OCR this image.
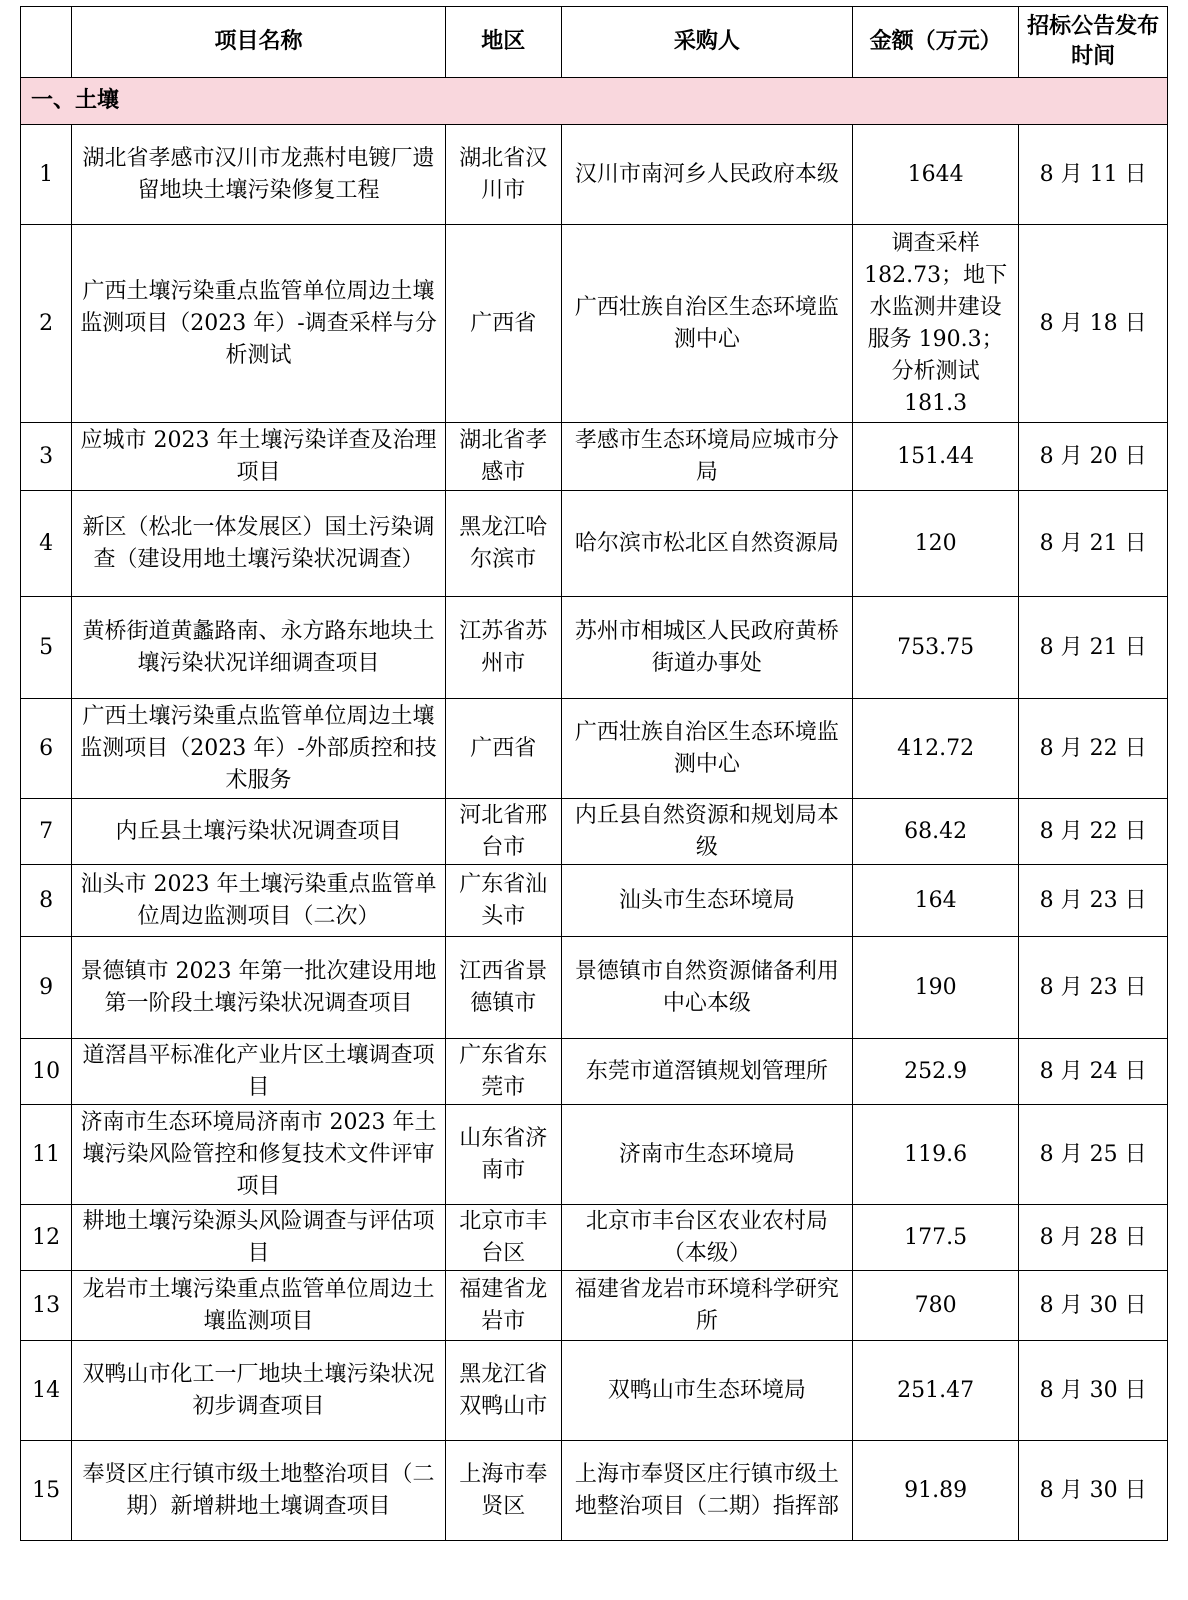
	项目名称	地区	采购人	金额（万元）	招标公告发布时间
一、土壤					
1	湖北省孝感市汉川市龙燕村电镀厂遗留地块土壤污染修复工程	湖北省汉川市	汉川市南河乡人民政府本级	1644	8 月 11 日
2	广西土壤污染重点监管单位周边土壤监测项目（2023 年）-调查采样与分析测试	广西省	广西壮族自治区生态环境监测中心	调查采样 182.73；地下水监测井建设服务 190.3；分析测试 181.3	8 月 18 日
3	应城市 2023 年土壤污染详查及治理项目	湖北省孝感市	孝感市生态环境局应城市分局	151.44	8 月 20 日
4	新区（松北一体发展区）国土污染调查（建设用地土壤污染状况调查）	黑龙江哈尔滨市	哈尔滨市松北区自然资源局	120	8 月 21 日
5	黄桥街道黄蠡路南、永方路东地块土壤污染状况详细调查项目	江苏省苏州市	苏州市相城区人民政府黄桥街道办事处	753.75	8 月 21 日
6	广西土壤污染重点监管单位周边土壤监测项目（2023 年）-外部质控和技术服务	广西省	广西壮族自治区生态环境监测中心	412.72	8 月 22 日
7	内丘县土壤污染状况调查项目	河北省邢台市	内丘县自然资源和规划局本级	68.42	8 月 22 日
8	汕头市 2023 年土壤污染重点监管单位周边监测项目（二次）	广东省汕头市	汕头市生态环境局	164	8 月 23 日
9	景德镇市 2023 年第一批次建设用地第一阶段土壤污染状况调查项目	江西省景德镇市	景德镇市自然资源储备利用中心本级	190	8 月 23 日
10	道滘昌平标准化产业片区土壤调查项目	广东省东莞市	东莞市道滘镇规划管理所	252.9	8 月 24 日
11	济南市生态环境局济南市 2023 年土壤污染风险管控和修复技术文件评审项目	山东省济南市	济南市生态环境局	119.6	8 月 25 日
12	耕地土壤污染源头风险调查与评估项目	北京市丰台区	北京市丰台区农业农村局（本级）	177.5	8 月 28 日
13	龙岩市土壤污染重点监管单位周边土壤监测项目	福建省龙岩市	福建省龙岩市环境科学研究所	780	8 月 30 日
14	双鸭山市化工一厂地块土壤污染状况初步调查项目	黑龙江省双鸭山市	双鸭山市生态环境局	251.47	8 月 30 日
15	奉贤区庄行镇市级土地整治项目（二期）新增耕地土壤调查项目	上海市奉贤区	上海市奉贤区庄行镇市级土地整治项目（二期）指挥部	91.89	8 月 30 日
